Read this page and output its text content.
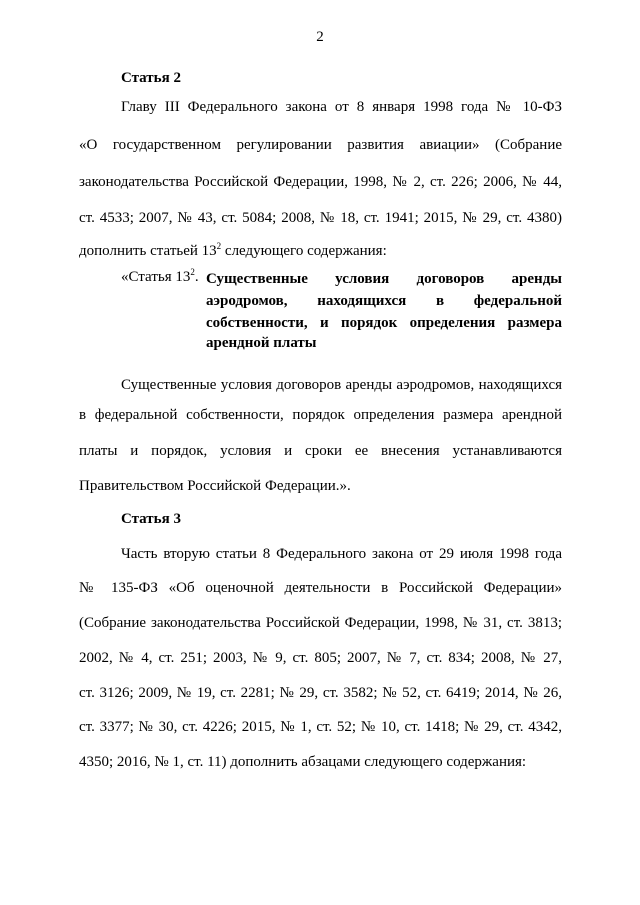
2

Статья 2

Главу III Федерального закона от 8 января 1998 года № 10-ФЗ
«О государственном регулировании развития авиации» (Собрание
законодательства Российской Федерации, 1998, № 2, ст. 226; 2006, № 44,
ст. 4533; 2007, № 43, ст. 5084; 2008, № 18, ст. 1941; 2015, № 29, ст. 4380)
дополнить статьей $13^2$ следующего содержания:
«Статья $13^2$. Существенные условия договоров аренды
аэродромов, находящихся в федеральной
собственности, и порядок определения размера
арендной платы
Существенные условия договоров аренды аэродромов, находящихся
в федеральной собственности, порядок определения размера арендной
платы и порядок, условия и сроки ее внесения устанавливаются
Правительством Российской Федерации.».

Статья 3

Часть вторую статьи 8 Федерального закона от 29 июля 1998 года
№ 135-ФЗ «Об оценочной деятельности в Российской Федерации»
(Собрание законодательства Российской Федерации, 1998, № 31, ст. 3813;
2002, № 4, ст. 251; 2003, № 9, ст. 805; 2007, № 7, ст. 834; 2008, № 27,
ст. 3126; 2009, № 19, ст. 2281; № 29, ст. 3582; № 52, ст. 6419; 2014, № 26,
ст. 3377; № 30, ст. 4226; 2015, № 1, ст. 52; № 10, ст. 1418; № 29, ст. 4342,
4350; 2016, № 1, ст. 11) дополнить абзацами следующего содержания:
